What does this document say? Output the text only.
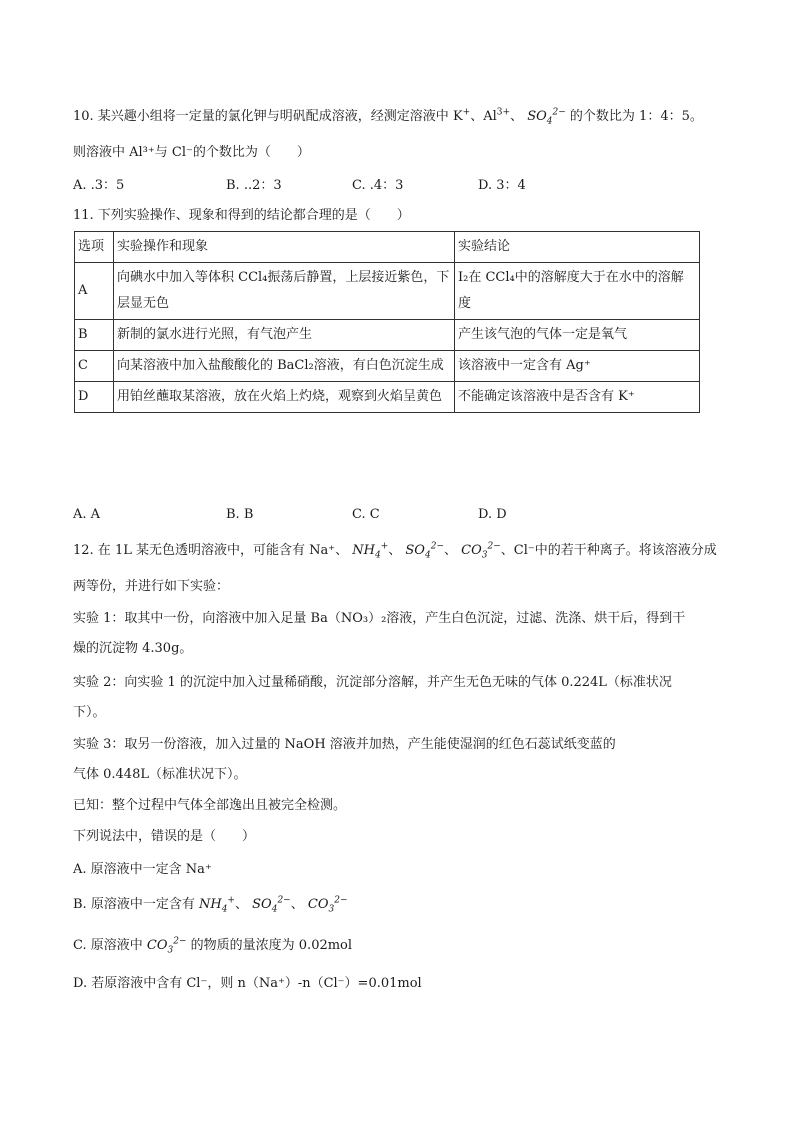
10. 某兴趣小组将一定量的氯化钾与明矾配成溶液，经测定溶液中 K+、$Al^{3+}$、 $SO_4^{2-}$ 的个数比为 1：4：5。
则溶液中 Al³⁺与 Cl⁻的个数比为（　　）
A. .3：5	B. ..2：3	C. .4：3	D. 3：4
11. 下列实验操作、现象和得到的结论都合理的是（　　）
选项	实验操作和现象	实验结论
A	向碘水中加入等体积 CCl₄振荡后静置，上层接近紫色，下层显无色	I₂在 CCl₄中的溶解度大于在水中的溶解度
B	新制的氯水进行光照，有气泡产生	产生该气泡的气体一定是氧气
C	向某溶液中加入盐酸酸化的 BaCl₂溶液，有白色沉淀生成	该溶液中一定含有 Ag⁺
D	用铂丝蘸取某溶液，放在火焰上灼烧，观察到火焰呈黄色	不能确定该溶液中是否含有 K⁺
A. A	B. B	C. C	D. D
12. 在 1L 某无色透明溶液中，可能含有 Na⁺、 $NH_4^+$、 $SO_4^{2-}$、 $CO_3^{2-}$、Cl⁻中的若干种离子。将该溶液分成
两等份，并进行如下实验：
实验 1：取其中一份，向溶液中加入足量 Ba（NO₃）₂溶液，产生白色沉淀，过滤、洗涤、烘干后，得到干
燥的沉淀物 4.30g。
实验 2：向实验 1 的沉淀中加入过量稀硝酸，沉淀部分溶解，并产生无色无味的气体 0.224L（标准状况
下）。
实验 3：取另一份溶液，加入过量的 NaOH 溶液并加热，产生能使湿润的红色石蕊试纸变蓝的
气体 0.448L（标准状况下）。
已知：整个过程中气体全部逸出且被完全检测。
下列说法中，错误的是（　　）
A. 原溶液中一定含 Na⁺
B. 原溶液中一定含有 $NH_4^+$、 $SO_4^{2-}$、 $CO_3^{2-}$
C. 原溶液中 $CO_3^{2-}$ 的物质的量浓度为 0.02mol
D. 若原溶液中含有 Cl⁻，则 n（Na⁺）-n（Cl⁻）=0.01mol
